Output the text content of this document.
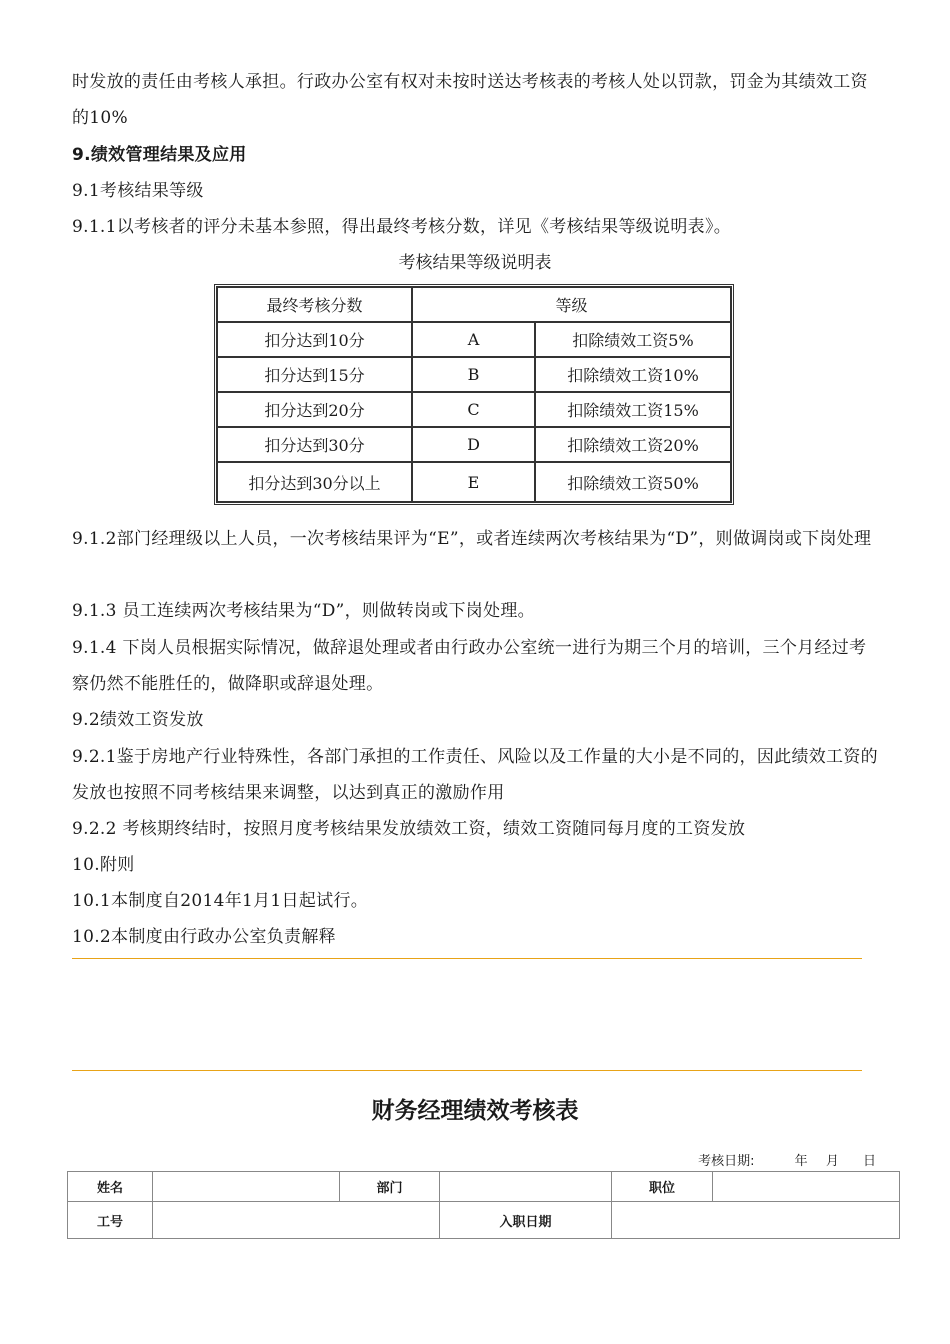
时发放的责任由考核人承担。行政办公室有权对未按时送达考核表的考核人处以罚款，罚金为其绩效工资的10%
9.绩效管理结果及应用
9.1考核结果等级
9.1.1以考核者的评分未基本参照，得出最终考核分数，详见《考核结果等级说明表》。
考核结果等级说明表
最终考核分数	等级	
扣分达到10分	A	扣除绩效工资5%
扣分达到15分	B	扣除绩效工资10%
扣分达到20分	C	扣除绩效工资15%
扣分达到30分	D	扣除绩效工资20%
扣分达到30分以上	E	扣除绩效工资50%
9.1.2部门经理级以上人员，一次考核结果评为“E”，或者连续两次考核结果为“D”，则做调岗或下岗处理
9.1.3 员工连续两次考核结果为“D”，则做转岗或下岗处理。
9.1.4 下岗人员根据实际情况，做辞退处理或者由行政办公室统一进行为期三个月的培训，三个月经过考察仍然不能胜任的，做降职或辞退处理。
9.2绩效工资发放
9.2.1鉴于房地产行业特殊性，各部门承担的工作责任、风险以及工作量的大小是不同的，因此绩效工资的发放也按照不同考核结果来调整，以达到真正的激励作用
9.2.2 考核期终结时，按照月度考核结果发放绩效工资，绩效工资随同每月度的工资发放
10.附则
10.1本制度自2014年1月1日起试行。
10.2本制度由行政办公室负责解释
财务经理绩效考核表
考核日期:	年 月 日
姓名		部门		职位	
工号			入职日期		
